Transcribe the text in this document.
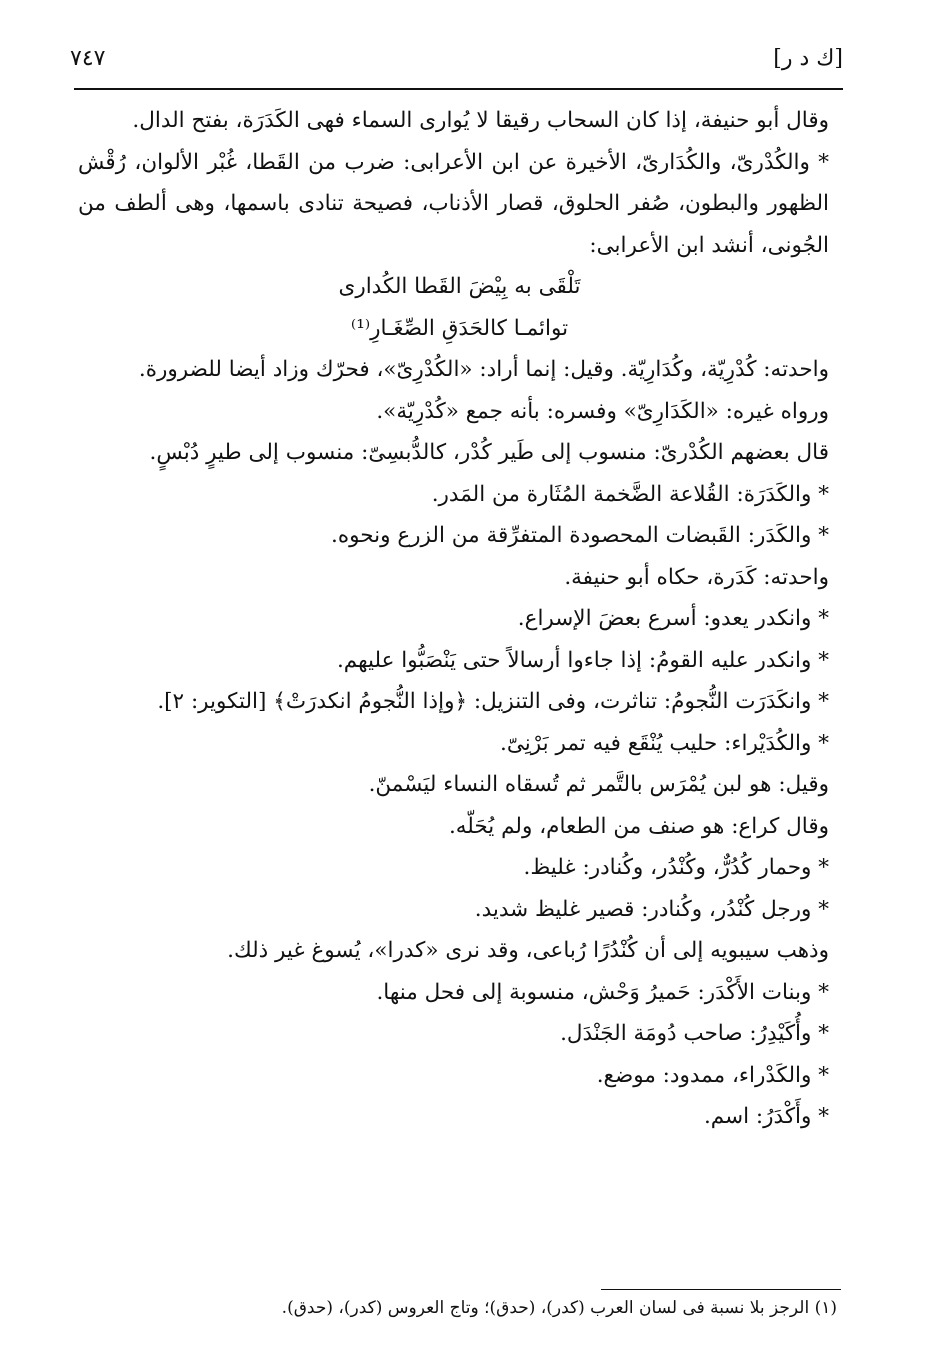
[ك د ر]
٧٤٧

وقال أبو حنيفة، إذا كان السحاب رقيقا لا يُوارى السماء فهى الكَدَرَة، بفتح الدال.

* والكُدْرىّ، والكُدَارىّ، الأخيرة عن ابن الأعرابى: ضرب من القَطا، غُبْر الألوان، رُقْش الظهور والبطون، صُفر الحلوق، قصار الأذناب، فصيحة تنادى باسمها، وهى ألطف من الجُونى، أنشد ابن الأعرابى:

تَلْقَى به بِيْضَ القَطا الكُدارى

توائمـا كالحَدَقِ الصِّغَـارِ⁽¹⁾

واحدته: كُدْرِيّة، وكُدَارِيّة. وقيل: إنما أراد: «الكُدْرِىّ»، فحرّك وزاد أيضا للضرورة.

ورواه غيره: «الكَدَارِىّ» وفسره: بأنه جمع «كُدْرِيّة».

قال بعضهم الكُدْرىّ: منسوب إلى طَير كُدْر، كالدُّبسِىّ: منسوب إلى طيرٍ دُبْسٍ.

* والكَدَرَة: القُلاعة الضَّخمة المُثَارة من المَدر.

* والكَدَر: القَبضات المحصودة المتفرِّقة من الزرع ونحوه.

واحدته: كَدَرة، حكاه أبو حنيفة.

* وانكدر يعدو: أسرع بعضَ الإسراع.

* وانكدر عليه القومُ: إذا جاءوا أرسالاً حتى يَنْصَبُّوا عليهم.

* وانكَدَرَت النُّجومُ: تناثرت، وفى التنزيل: ﴿وإذا النُّجومُ انكدرَتْ﴾ [التكوير: ٢].

* والكُدَيْراء: حليب يُنْقَع فيه تمر بَرْنِىّ.

وقيل: هو لبن يُمْرَس بالتَّمر ثم تُسقاه النساء ليَسْمنّ.

وقال كراع: هو صنف من الطعام، ولم يُحَلّه.

* وحمار كُدُرٌّ، وكُنْدُر، وكُنادر: غليظ.

* ورجل كُنْدُر، وكُنادر: قصير غليظ شديد.

وذهب سيبويه إلى أن كُنْدُرًا رُباعى، وقد نرى «كدرا»، يُسوغ غير ذلك.

* وبنات الأَكْدَر: حَميرُ وَحْش، منسوبة إلى فحل منها.

* وأُكَيْدِرُ: صاحب دُومَة الجَنْدَل.

* والكَدْراء، ممدود: موضع.

* وأَكْدَرُ: اسم.

(١) الرجز بلا نسبة فى لسان العرب (كدر)، (حدق)؛ وتاج العروس (كدر)، (حدق).
